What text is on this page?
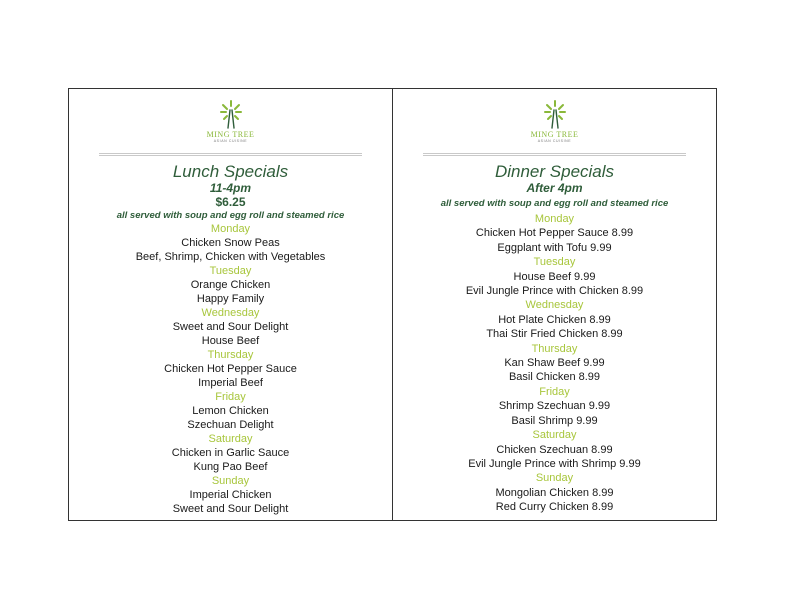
MING TREE
ASIAN CUISINE
Lunch Specials
11-4pm
$6.25
all served with soup and egg roll and steamed rice
Monday
Chicken Snow Peas
Beef, Shrimp, Chicken with Vegetables
Tuesday
Orange Chicken
Happy Family
Wednesday
Sweet and Sour Delight
House Beef
Thursday
Chicken Hot Pepper Sauce
Imperial Beef
Friday
Lemon Chicken
Szechuan Delight
Saturday
Chicken in Garlic Sauce
Kung Pao Beef
Sunday
Imperial Chicken
Sweet and Sour Delight
MING TREE
ASIAN CUISINE
Dinner Specials
After 4pm
all served with soup and egg roll and steamed rice
Monday
Chicken Hot Pepper Sauce 8.99
Eggplant with Tofu 9.99
Tuesday
House Beef 9.99
Evil Jungle Prince with Chicken 8.99
Wednesday
Hot Plate Chicken 8.99
Thai Stir Fried Chicken 8.99
Thursday
Kan Shaw Beef 9.99
Basil Chicken 8.99
Friday
Shrimp Szechuan 9.99
Basil Shrimp 9.99
Saturday
Chicken Szechuan 8.99
Evil Jungle Prince with Shrimp 9.99
Sunday
Mongolian Chicken 8.99
Red Curry Chicken 8.99
